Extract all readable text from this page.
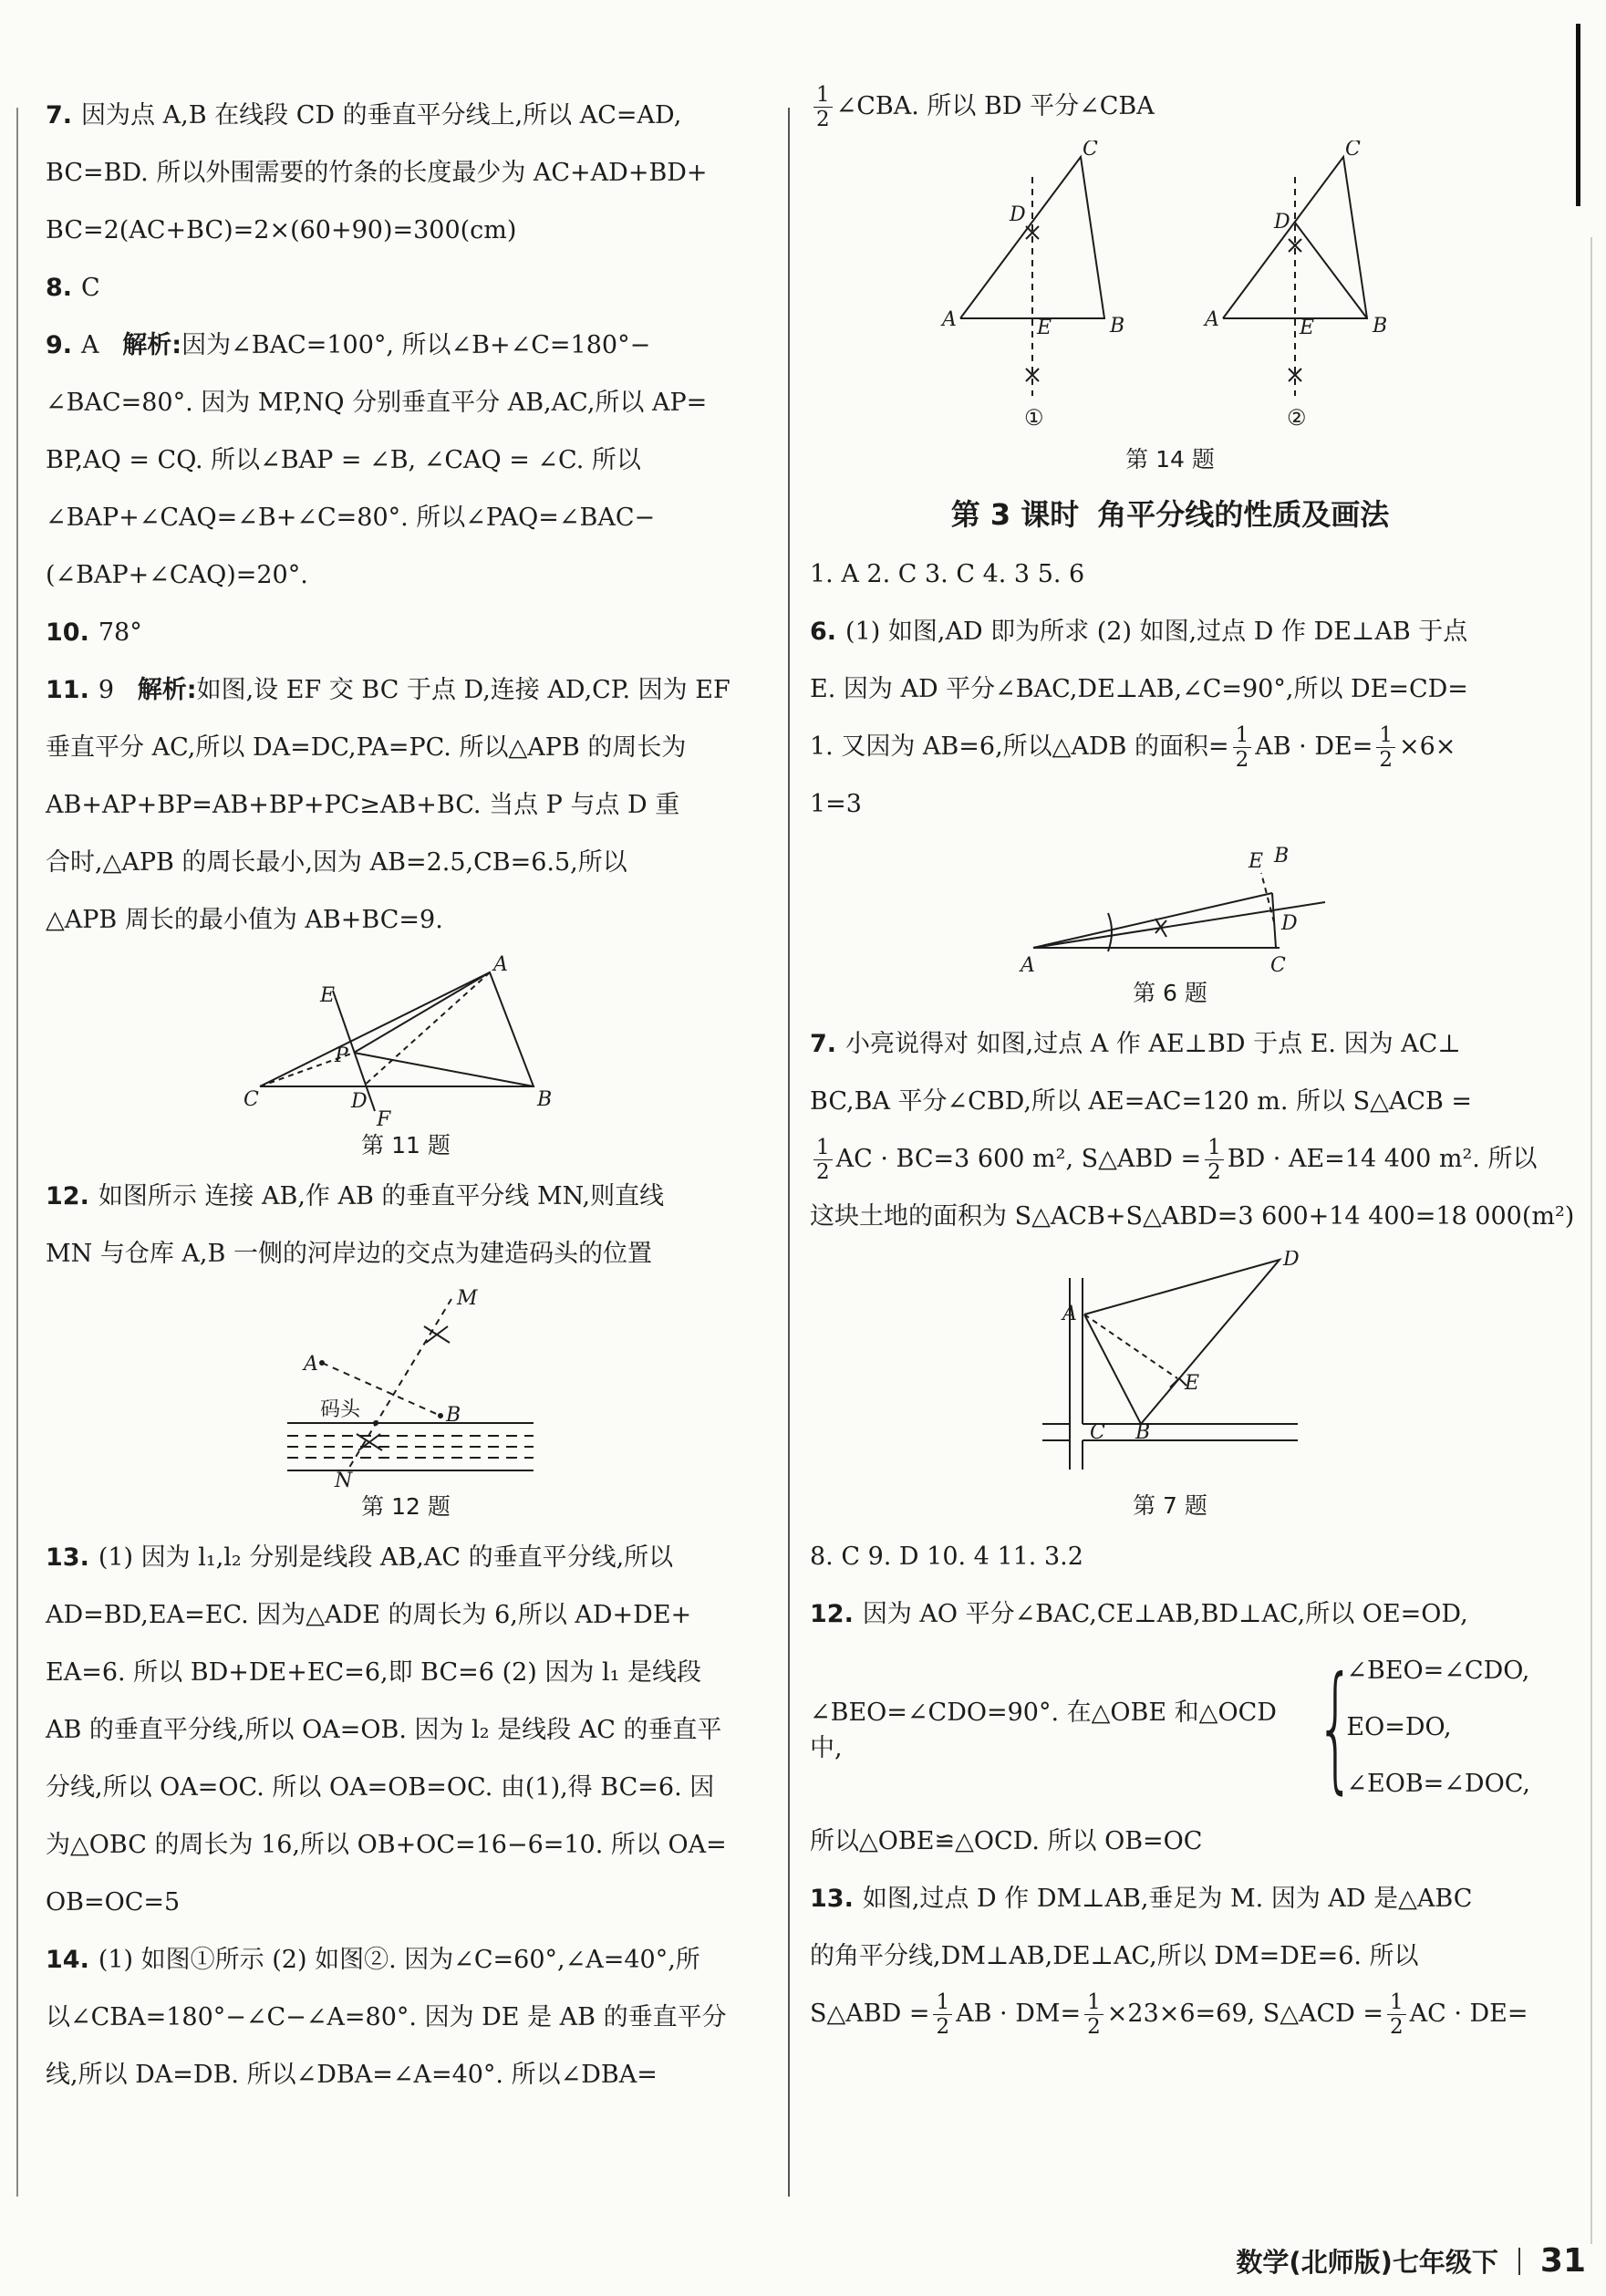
7. 因为点 A,B 在线段 CD 的垂直平分线上,所以 AC=AD,

BC=BD. 所以外围需要的竹条的长度最少为 AC+AD+BD+

BC=2(AC+BC)=2×(60+90)=300(cm)

8. C

9. A 解析:因为∠BAC=100°, 所以∠B+∠C=180°−

∠BAC=80°. 因为 MP,NQ 分别垂直平分 AB,AC,所以 AP=

BP,AQ = CQ. 所以∠BAP = ∠B, ∠CAQ = ∠C. 所以

∠BAP+∠CAQ=∠B+∠C=80°. 所以∠PAQ=∠BAC−

(∠BAP+∠CAQ)=20°.

10. 78°

11. 9 解析:如图,设 EF 交 BC 于点 D,连接 AD,CP. 因为 EF

垂直平分 AC,所以 DA=DC,PA=PC. 所以△APB 的周长为

AB+AP+BP=AB+BP+PC≥AB+BC. 当点 P 与点 D 重

合时,△APB 的周长最小,因为 AB=2.5,CB=6.5,所以

△APB 周长的最小值为 AB+BC=9.

A
B
C	D
E
F
P
第 11 题

12. 如图所示 连接 AB,作 AB 的垂直平分线 MN,则直线

MN 与仓库 A,B 一侧的河岸边的交点为建造码头的位置

M
A
B
N
码头
第 12 题

13. (1) 因为 l₁,l₂ 分别是线段 AB,AC 的垂直平分线,所以

AD=BD,EA=EC. 因为△ADE 的周长为 6,所以 AD+DE+

EA=6. 所以 BD+DE+EC=6,即 BC=6 (2) 因为 l₁ 是线段

AB 的垂直平分线,所以 OA=OB. 因为 l₂ 是线段 AC 的垂直平

分线,所以 OA=OC. 所以 OA=OB=OC. 由(1),得 BC=6. 因

为△OBC 的周长为 16,所以 OB+OC=16−6=10. 所以 OA=

OB=OC=5

14. (1) 如图①所示 (2) 如图②. 因为∠C=60°,∠A=40°,所

以∠CBA=180°−∠C−∠A=80°. 因为 DE 是 AB 的垂直平分

线,所以 DA=DB. 所以∠DBA=∠A=40°. 所以∠DBA=

$\frac{1}{2}$ ∠CBA. 所以 BD 平分∠CBA

A	B
C
D
E	A	B
C
D
E
①	②
第 14 题
第 3 课时 角平分线的性质及画法

1. A 2. C 3. C 4. 3 5. 6

6. (1) 如图,AD 即为所求 (2) 如图,过点 D 作 DE⊥AB 于点

E. 因为 AD 平分∠BAC,DE⊥AB,∠C=90°,所以 DE=CD=

1. 又因为 AB=6,所以△ADB 的面积= $\frac{1}{2}$ AB · $DE= \frac{1}{2} \times 6\times$

1=3

A
B
C
D
E
第 6 题

7. 小亮说得对 如图,过点 A 作 AE⊥BD 于点 E. 因为 AC⊥

BC,BA 平分∠CBD,所以 AE=AC=120 m. 所以 S△ACB =

$\frac{1}{2}$ AC · BC=3 600 m², S△ABD = $\frac{1}{2}$ BD · AE=14 400 m². 所以

这块土地的面积为 S△ACB+S△ABD=3 600+14 400=18 000(m²)

A
B
C
D
E
第 7 题

8. C 9. D 10. 4 11. 3.2

12. 因为 AO 平分∠BAC,CE⊥AB,BD⊥AC,所以 OE=OD,

∠BEO=∠CDO=90°. 在△OBE 和△OCD 中,	{
∠BEO=∠CDO,
EO=DO,
∠EOB=∠DOC,

所以△OBE≌△OCD. 所以 OB=OC

13. 如图,过点 D 作 DM⊥AB,垂足为 M. 因为 AD 是△ABC

的角平分线,DM⊥AB,DE⊥AC,所以 DM=DE=6. 所以

S△ABD = $\frac{1}{2}$ AB · $DM= \frac{1}{2} \times 23\times 6=69$, S△ACD = $\frac{1}{2}$ AC · DE=

数学(北师版)七年级下 31
